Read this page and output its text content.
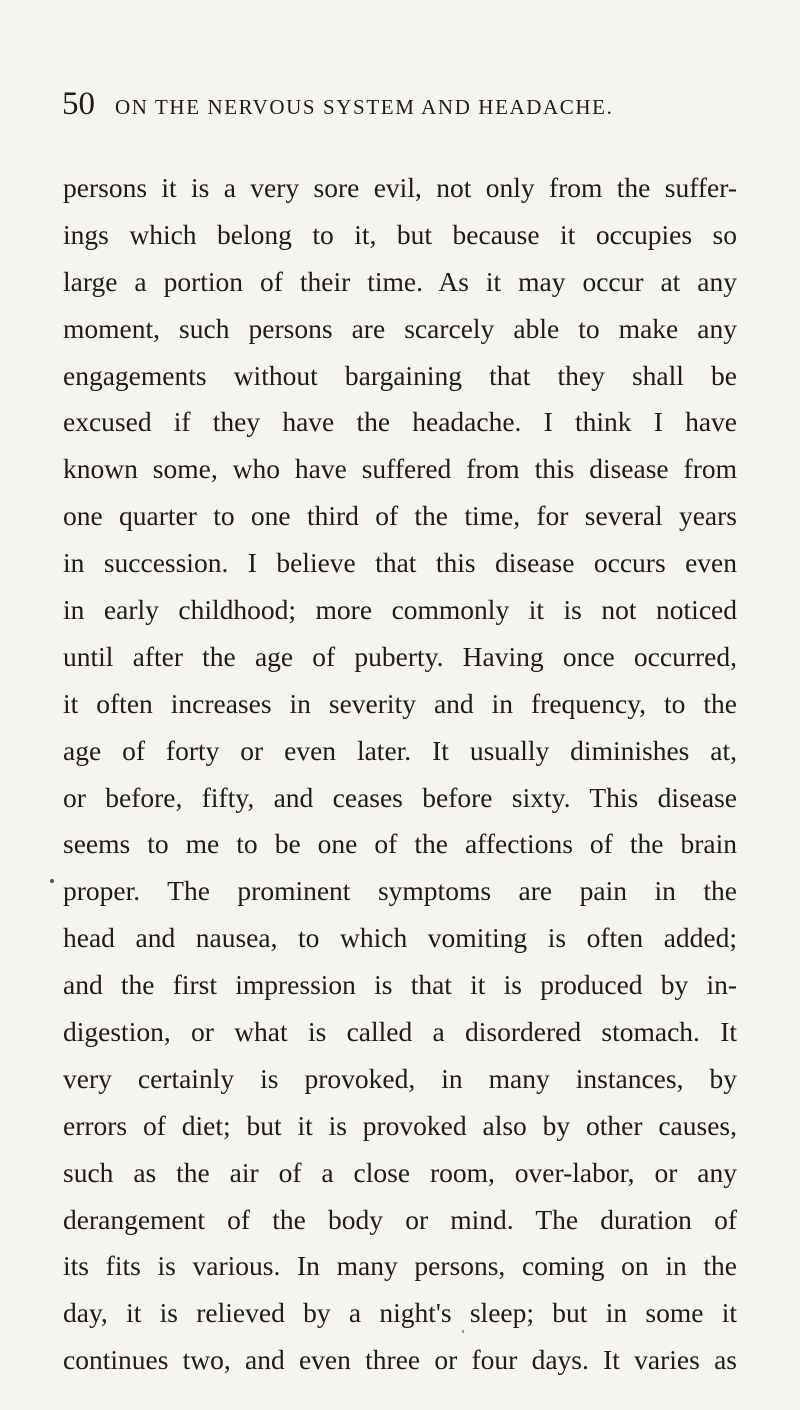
50 ON THE NERVOUS SYSTEM AND HEADACHE.
persons it is a very sore evil, not only from the suffer-
ings which belong to it, but because it occupies so
large a portion of their time. As it may occur at any
moment, such persons are scarcely able to make any
engagements without bargaining that they shall be
excused if they have the headache. I think I have
known some, who have suffered from this disease from
one quarter to one third of the time, for several years
in succession. I believe that this disease occurs even
in early childhood; more commonly it is not noticed
until after the age of puberty. Having once occurred,
it often increases in severity and in frequency, to the
age of forty or even later. It usually diminishes at,
or before, fifty, and ceases before sixty. This disease
seems to me to be one of the affections of the brain
proper. The prominent symptoms are pain in the
head and nausea, to which vomiting is often added;
and the first impression is that it is produced by in-
digestion, or what is called a disordered stomach. It
very certainly is provoked, in many instances, by
errors of diet; but it is provoked also by other causes,
such as the air of a close room, over-labor, or any
derangement of the body or mind. The duration of
its fits is various. In many persons, coming on in the
day, it is relieved by a night's sleep; but in some it
continues two, and even three or four days. It varies as
